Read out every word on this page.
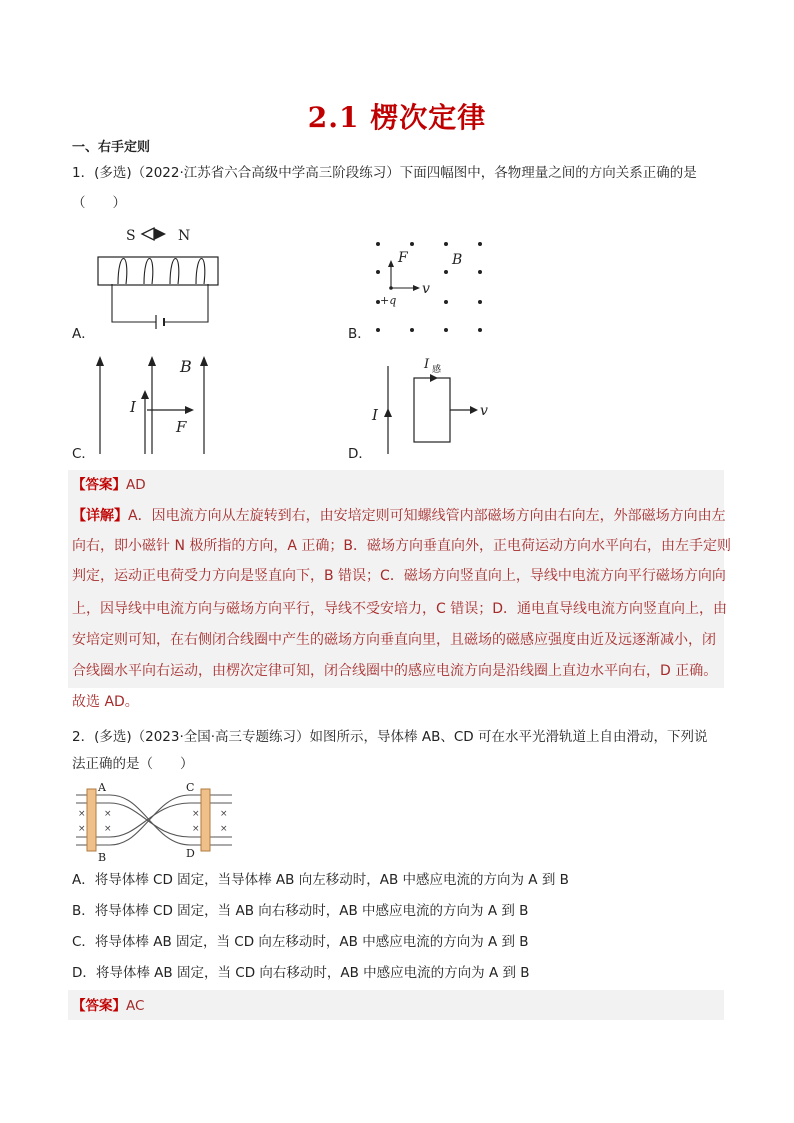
2.1 楞次定律
一、右手定则
1．(多选)（2022·江苏省六合高级中学高三阶段练习）下面四幅图中，各物理量之间的方向关系正确的是
（　　）
S	N
A．
F	B
v
+q
B．
B
I
F
C．
I
I 感
v
D．
【答案】AD
【详解】A．因电流方向从左旋转到右，由安培定则可知螺线管内部磁场方向由右向左，外部磁场方向由左
向右，即小磁针 N 极所指的方向，A 正确；B．磁场方向垂直向外，正电荷运动方向水平向右，由左手定则
判定，运动正电荷受力方向是竖直向下，B 错误；C．磁场方向竖直向上，导线中电流方向平行磁场方向向
上，因导线中电流方向与磁场方向平行，导线不受安培力，C 错误；D．通电直导线电流方向竖直向上，由
安培定则可知，在右侧闭合线圈中产生的磁场方向垂直向里，且磁场的磁感应强度由近及远逐渐减小，闭
合线圈水平向右运动，由楞次定律可知，闭合线圈中的感应电流方向是沿线圈上直边水平向右，D 正确。
故选 AD。
2．(多选)（2023·全国·高三专题练习）如图所示，导体棒 AB、CD 可在水平光滑轨道上自由滑动，下列说
法正确的是（　　）
×
×
×
×
×
×
×
×
A
B
C
D
A．将导体棒 CD 固定，当导体棒 AB 向左移动时，AB 中感应电流的方向为 A 到 B
B．将导体棒 CD 固定，当 AB 向右移动时，AB 中感应电流的方向为 A 到 B
C．将导体棒 AB 固定，当 CD 向左移动时，AB 中感应电流的方向为 A 到 B
D．将导体棒 AB 固定，当 CD 向右移动时，AB 中感应电流的方向为 A 到 B
【答案】AC
